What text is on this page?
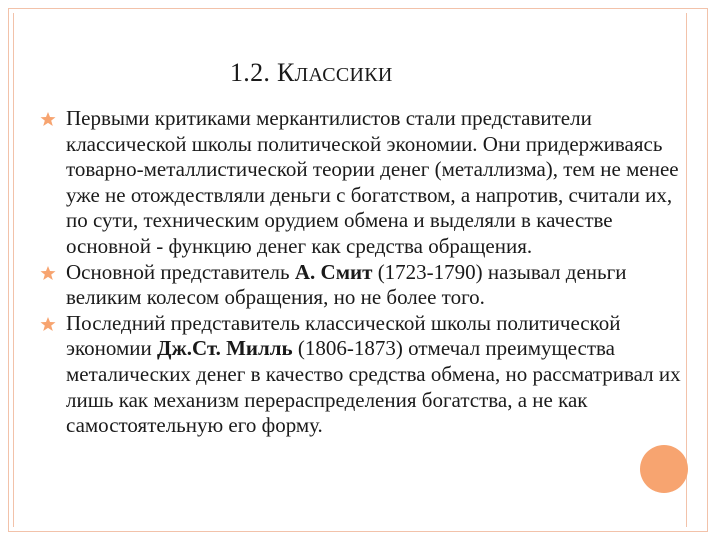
1.2. КЛАССИКИ
Первыми критиками меркантилистов стали представители классической школы политической экономии. Они придерживаясь товарно-металлистической теории денег (металлизма), тем не менее уже не отождествляли деньги с богатством, а напротив, считали их, по сути, техническим орудием обмена и выделяли в качестве основной - функцию денег как средства обращения.
Основной представитель А. Смит (1723-1790) называл деньги великим колесом обращения, но не более того.
Последний представитель классической школы политической экономии Дж.Ст. Милль (1806-1873) отмечал преимущества металических денег в качество средства обмена, но рассматривал их лишь как механизм перераспределения богатства, а не как самостоятельную его форму.
